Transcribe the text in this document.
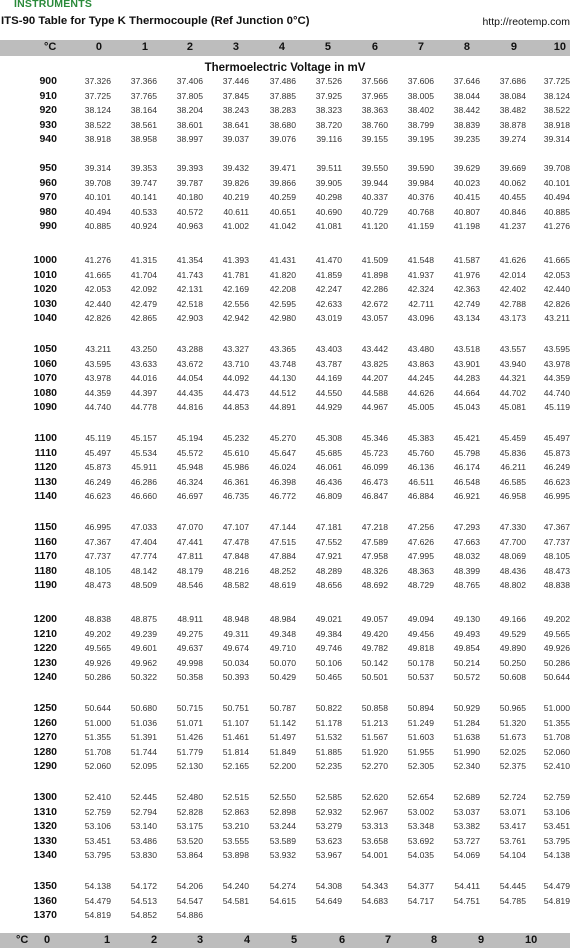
INSTRUMENTS
ITS-90 Table for Type K Thermocouple (Ref Junction 0°C)	http://reotemp.com
°C	0	1	2	3	4	5	6	7	8	9	10
Thermoelectric Voltage in mV
900	37.326	37.366	37.406	37.446	37.486	37.526	37.566	37.606	37.646	37.686	37.725
910	37.725	37.765	37.805	37.845	37.885	37.925	37.965	38.005	38.044	38.084	38.124
920	38.124	38.164	38.204	38.243	38.283	38.323	38.363	38.402	38.442	38.482	38.522
930	38.522	38.561	38.601	38.641	38.680	38.720	38.760	38.799	38.839	38.878	38.918
940	38.918	38.958	38.997	39.037	39.076	39.116	39.155	39.195	39.235	39.274	39.314
950	39.314	39.353	39.393	39.432	39.471	39.511	39.550	39.590	39.629	39.669	39.708
960	39.708	39.747	39.787	39.826	39.866	39.905	39.944	39.984	40.023	40.062	40.101
970	40.101	40.141	40.180	40.219	40.259	40.298	40.337	40.376	40.415	40.455	40.494
980	40.494	40.533	40.572	40.611	40.651	40.690	40.729	40.768	40.807	40.846	40.885
990	40.885	40.924	40.963	41.002	41.042	41.081	41.120	41.159	41.198	41.237	41.276
1000	41.276	41.315	41.354	41.393	41.431	41.470	41.509	41.548	41.587	41.626	41.665
1010	41.665	41.704	41.743	41.781	41.820	41.859	41.898	41.937	41.976	42.014	42.053
1020	42.053	42.092	42.131	42.169	42.208	42.247	42.286	42.324	42.363	42.402	42.440
1030	42.440	42.479	42.518	42.556	42.595	42.633	42.672	42.711	42.749	42.788	42.826
1040	42.826	42.865	42.903	42.942	42.980	43.019	43.057	43.096	43.134	43.173	43.211
1050	43.211	43.250	43.288	43.327	43.365	43.403	43.442	43.480	43.518	43.557	43.595
1060	43.595	43.633	43.672	43.710	43.748	43.787	43.825	43.863	43.901	43.940	43.978
1070	43.978	44.016	44.054	44.092	44.130	44.169	44.207	44.245	44.283	44.321	44.359
1080	44.359	44.397	44.435	44.473	44.512	44.550	44.588	44.626	44.664	44.702	44.740
1090	44.740	44.778	44.816	44.853	44.891	44.929	44.967	45.005	45.043	45.081	45.119
1100	45.119	45.157	45.194	45.232	45.270	45.308	45.346	45.383	45.421	45.459	45.497
1110	45.497	45.534	45.572	45.610	45.647	45.685	45.723	45.760	45.798	45.836	45.873
1120	45.873	45.911	45.948	45.986	46.024	46.061	46.099	46.136	46.174	46.211	46.249
1130	46.249	46.286	46.324	46.361	46.398	46.436	46.473	46.511	46.548	46.585	46.623
1140	46.623	46.660	46.697	46.735	46.772	46.809	46.847	46.884	46.921	46.958	46.995
1150	46.995	47.033	47.070	47.107	47.144	47.181	47.218	47.256	47.293	47.330	47.367
1160	47.367	47.404	47.441	47.478	47.515	47.552	47.589	47.626	47.663	47.700	47.737
1170	47.737	47.774	47.811	47.848	47.884	47.921	47.958	47.995	48.032	48.069	48.105
1180	48.105	48.142	48.179	48.216	48.252	48.289	48.326	48.363	48.399	48.436	48.473
1190	48.473	48.509	48.546	48.582	48.619	48.656	48.692	48.729	48.765	48.802	48.838
1200	48.838	48.875	48.911	48.948	48.984	49.021	49.057	49.094	49.130	49.166	49.202
1210	49.202	49.239	49.275	49.311	49.348	49.384	49.420	49.456	49.493	49.529	49.565
1220	49.565	49.601	49.637	49.674	49.710	49.746	49.782	49.818	49.854	49.890	49.926
1230	49.926	49.962	49.998	50.034	50.070	50.106	50.142	50.178	50.214	50.250	50.286
1240	50.286	50.322	50.358	50.393	50.429	50.465	50.501	50.537	50.572	50.608	50.644
1250	50.644	50.680	50.715	50.751	50.787	50.822	50.858	50.894	50.929	50.965	51.000
1260	51.000	51.036	51.071	51.107	51.142	51.178	51.213	51.249	51.284	51.320	51.355
1270	51.355	51.391	51.426	51.461	51.497	51.532	51.567	51.603	51.638	51.673	51.708
1280	51.708	51.744	51.779	51.814	51.849	51.885	51.920	51.955	51.990	52.025	52.060
1290	52.060	52.095	52.130	52.165	52.200	52.235	52.270	52.305	52.340	52.375	52.410
1300	52.410	52.445	52.480	52.515	52.550	52.585	52.620	52.654	52.689	52.724	52.759
1310	52.759	52.794	52.828	52.863	52.898	52.932	52.967	53.002	53.037	53.071	53.106
1320	53.106	53.140	53.175	53.210	53.244	53.279	53.313	53.348	53.382	53.417	53.451
1330	53.451	53.486	53.520	53.555	53.589	53.623	53.658	53.692	53.727	53.761	53.795
1340	53.795	53.830	53.864	53.898	53.932	53.967	54.001	54.035	54.069	54.104	54.138
1350	54.138	54.172	54.206	54.240	54.274	54.308	54.343	54.377	54.411	54.445	54.479
1360	54.479	54.513	54.547	54.581	54.615	54.649	54.683	54.717	54.751	54.785	54.819
1370	54.819	54.852	54.886
°C 0	1	2	3	4	5	6	7	8	9	10
